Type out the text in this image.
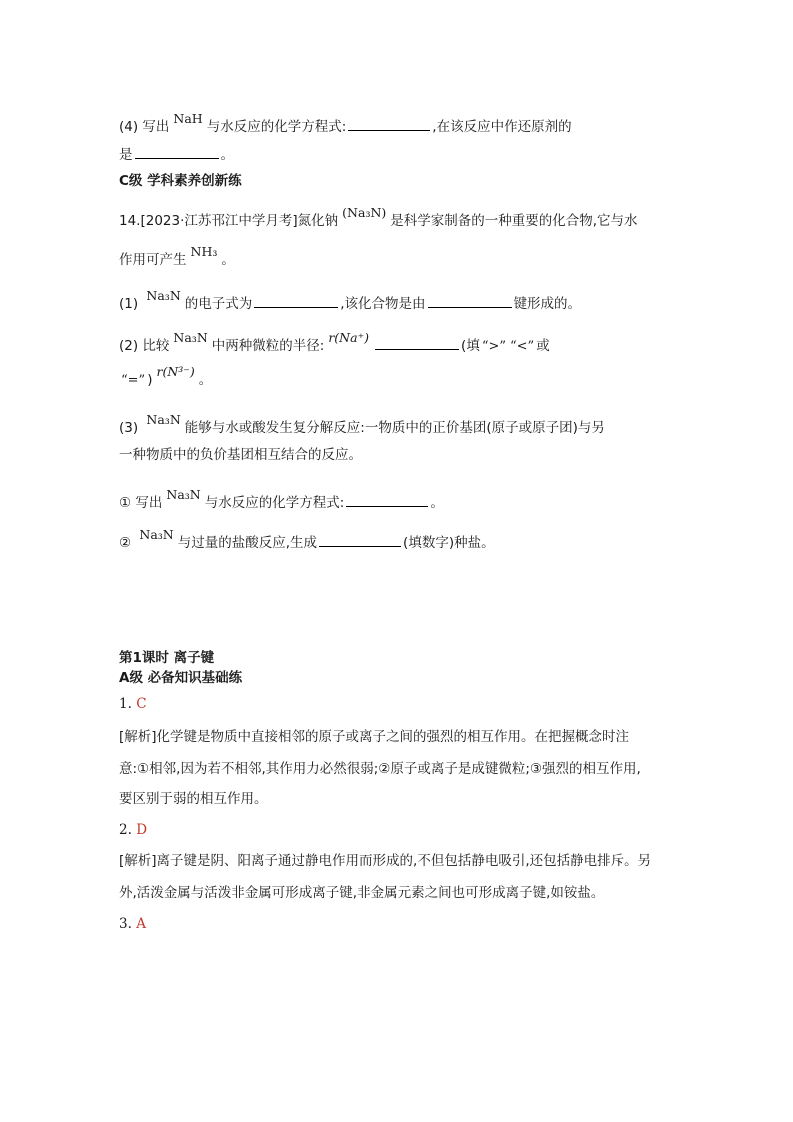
(4) 写出NaH与水反应的化学方程式:	,在该反应中作还原剂的
是	。
C级 学科素养创新练
14.[2023·江苏邗江中学月考]氮化钠(Na₃N)是科学家制备的一种重要的化合物,它与水
作用可产生NH₃。
(1) Na₃N的电子式为	,该化合物是由	键形成的。
(2) 比较Na₃N中两种微粒的半径:r(Na⁺)(填 “>” “<” 或
“=” )r(N³⁻)。
(3) Na₃N能够与水或酸发生复分解反应:一物质中的正价基团(原子或原子团)与另
一种物质中的负价基团相互结合的反应。
① 写出Na₃N与水反应的化学方程式:	。
② Na₃N与过量的盐酸反应,生成	(填数字)种盐。
第1课时 离子键
A级 必备知识基础练
1. C
[解析]化学键是物质中直接相邻的原子或离子之间的强烈的相互作用。在把握概念时注
意:①相邻,因为若不相邻,其作用力必然很弱;②原子或离子是成键微粒;③强烈的相互作用,
要区别于弱的相互作用。
2. D
[解析]离子键是阴、阳离子通过静电作用而形成的,不但包括静电吸引,还包括静电排斥。另
外,活泼金属与活泼非金属可形成离子键,非金属元素之间也可形成离子键,如铵盐。
3. A
